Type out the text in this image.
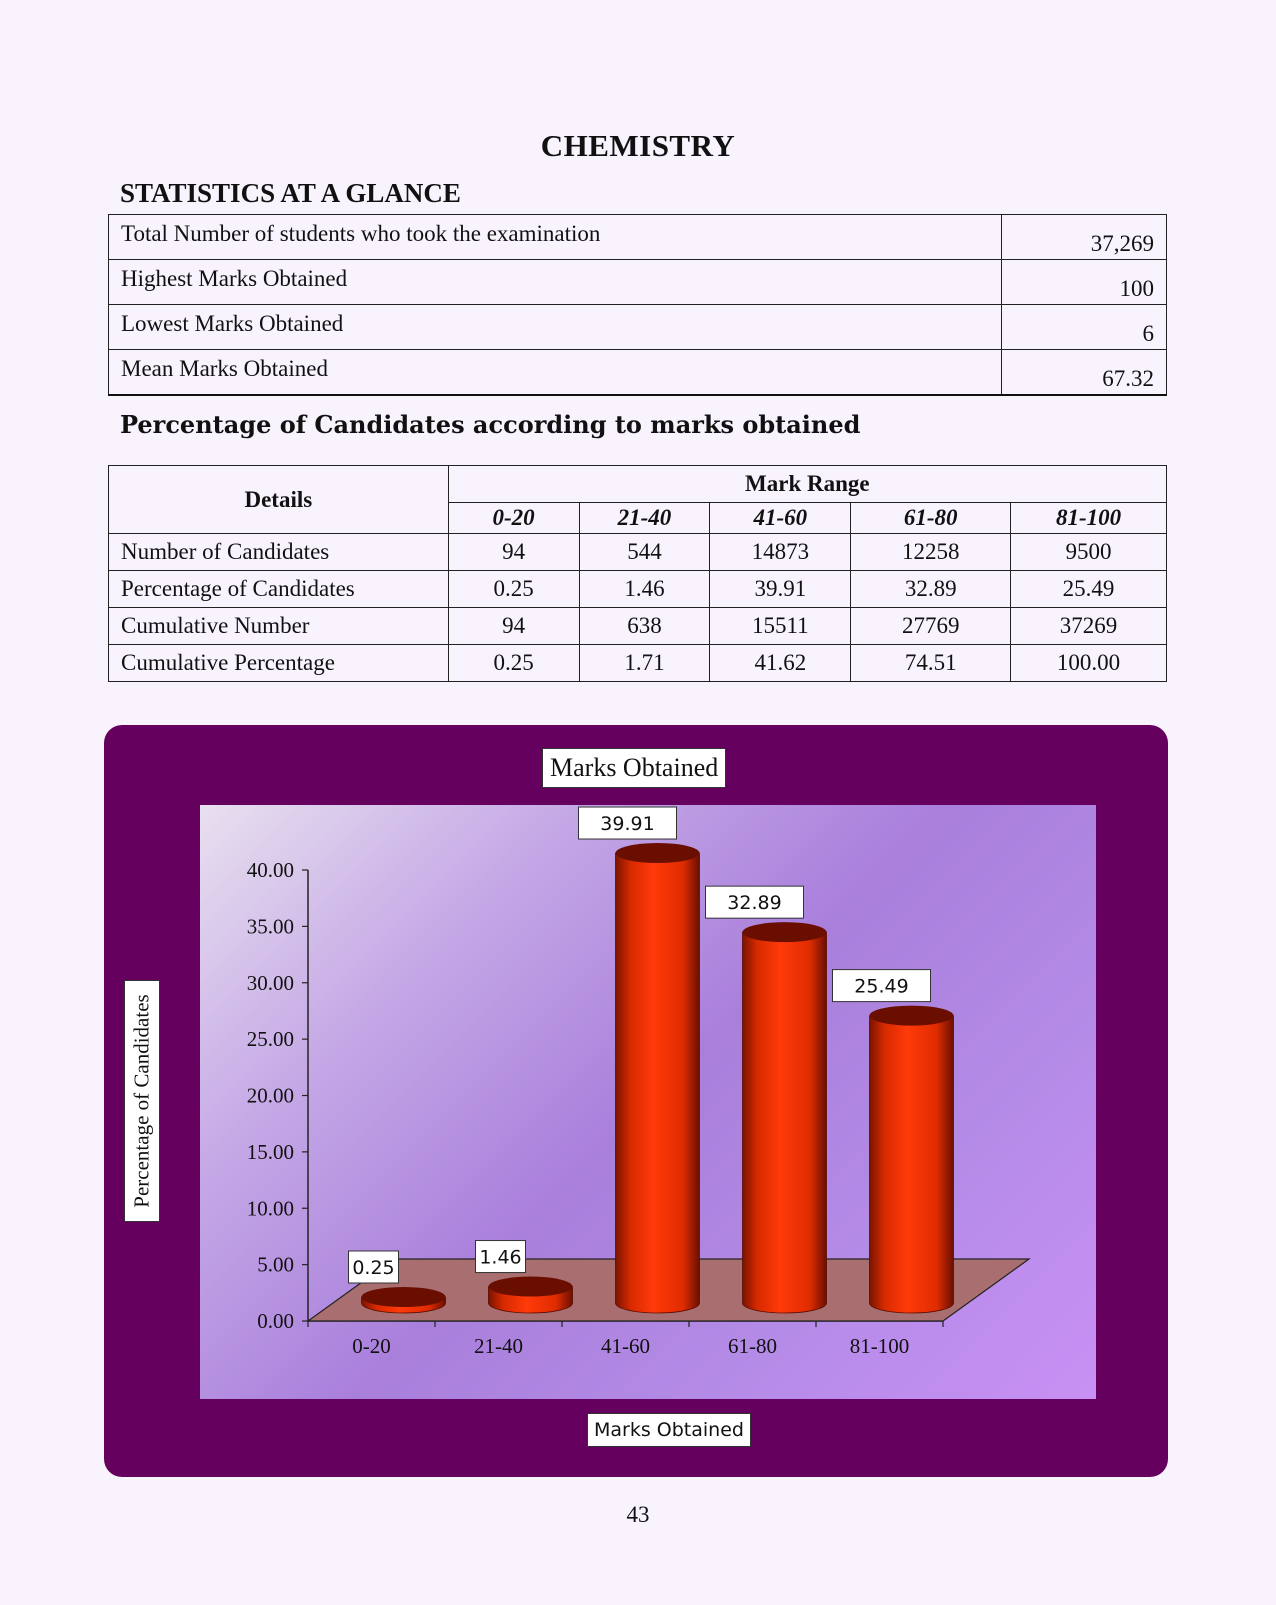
CHEMISTRY
STATISTICS AT A GLANCE
Total Number of students who took the examination	37,269
Highest Marks Obtained	100
Lowest Marks Obtained	6
Mean Marks Obtained	67.32
Percentage of Candidates according to marks obtained
Details	Mark Range				
	0-20	21-40	41-60	61-80	81-100
Number of Candidates	94	544	14873	12258	9500
Percentage of Candidates	0.25	1.46	39.91	32.89	25.49
Cumulative Number	94	638	15511	27769	37269
Cumulative Percentage	0.25	1.71	41.62	74.51	100.00
Marks Obtained
Percentage of Candidates
Marks Obtained
0.00
5.00
10.00
15.00
20.00
25.00
30.00
35.00
40.00
0-20	21-40	41-60	61-80	81-100
0.25	1.46
39.91
32.89
25.49
43
